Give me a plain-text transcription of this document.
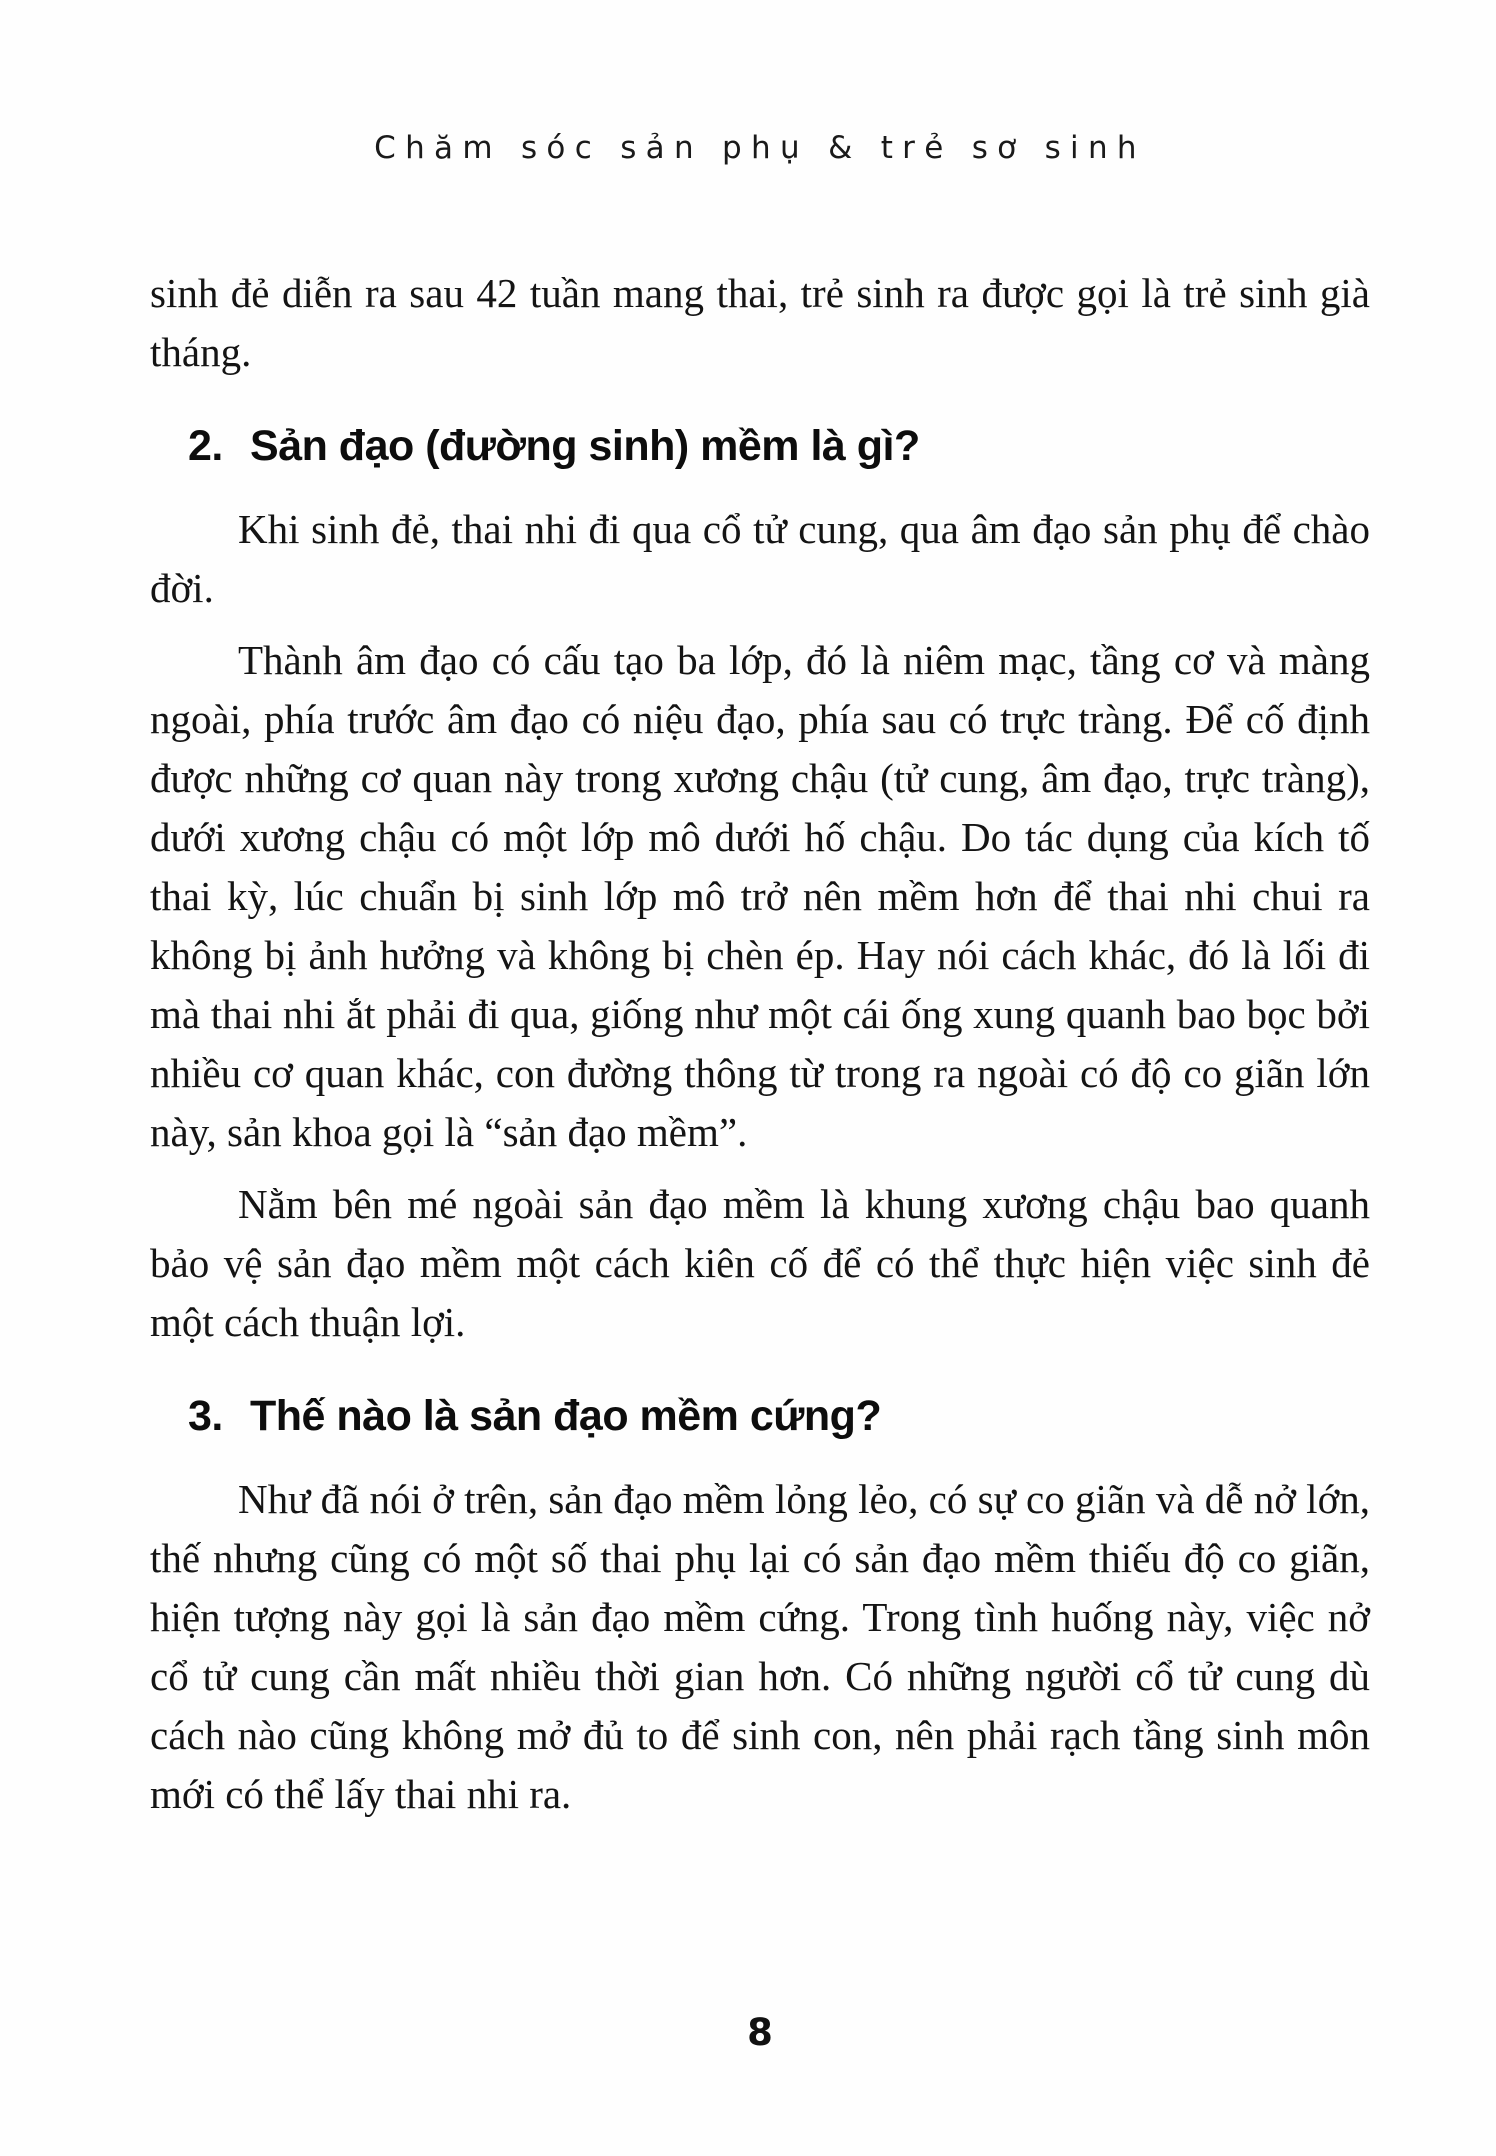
Chăm sóc sản phụ & trẻ sơ sinh

sinh đẻ diễn ra sau 42 tuần mang thai, trẻ sinh ra được gọi là trẻ sinh già tháng.

2. Sản đạo (đường sinh) mềm là gì?

Khi sinh đẻ, thai nhi đi qua cổ tử cung, qua âm đạo sản phụ để chào đời.

Thành âm đạo có cấu tạo ba lớp, đó là niêm mạc, tầng cơ và màng ngoài, phía trước âm đạo có niệu đạo, phía sau có trực tràng. Để cố định được những cơ quan này trong xương chậu (tử cung, âm đạo, trực tràng), dưới xương chậu có một lớp mô dưới hố chậu. Do tác dụng của kích tố thai kỳ, lúc chuẩn bị sinh lớp mô trở nên mềm hơn để thai nhi chui ra không bị ảnh hưởng và không bị chèn ép. Hay nói cách khác, đó là lối đi mà thai nhi ắt phải đi qua, giống như một cái ống xung quanh bao bọc bởi nhiều cơ quan khác, con đường thông từ trong ra ngoài có độ co giãn lớn này, sản khoa gọi là “sản đạo mềm”.

Nằm bên mé ngoài sản đạo mềm là khung xương chậu bao quanh bảo vệ sản đạo mềm một cách kiên cố để có thể thực hiện việc sinh đẻ một cách thuận lợi.

3. Thế nào là sản đạo mềm cứng?

Như đã nói ở trên, sản đạo mềm lỏng lẻo, có sự co giãn và dễ nở lớn, thế nhưng cũng có một số thai phụ lại có sản đạo mềm thiếu độ co giãn, hiện tượng này gọi là sản đạo mềm cứng. Trong tình huống này, việc nở cổ tử cung cần mất nhiều thời gian hơn. Có những người cổ tử cung dù cách nào cũng không mở đủ to để sinh con, nên phải rạch tầng sinh môn mới có thể lấy thai nhi ra.

8
